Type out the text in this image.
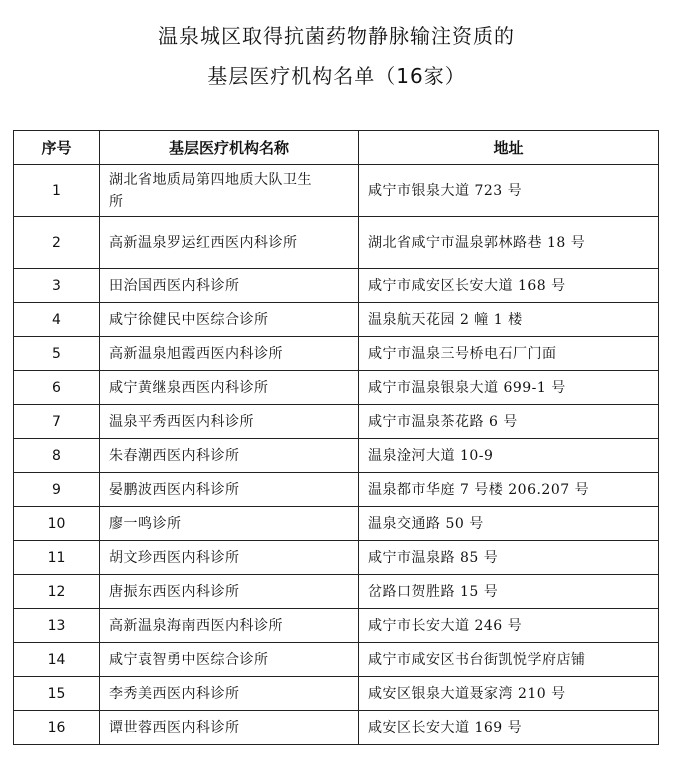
温泉城区取得抗菌药物静脉输注资质的
基层医疗机构名单（16家）
序号	基层医疗机构名称	地址
1	湖北省地质局第四地质大队卫生所	咸宁市银泉大道 723 号
2	高新温泉罗运红西医内科诊所	湖北省咸宁市温泉郭林路巷 18 号
3	田治国西医内科诊所	咸宁市咸安区长安大道 168 号
4	咸宁徐健民中医综合诊所	温泉航天花园 2 幢 1 楼
5	高新温泉旭霞西医内科诊所	咸宁市温泉三号桥电石厂门面
6	咸宁黄继泉西医内科诊所	咸宁市温泉银泉大道 699-1 号
7	温泉平秀西医内科诊所	咸宁市温泉茶花路 6 号
8	朱春潮西医内科诊所	温泉淦河大道 10-9
9	晏鹏波西医内科诊所	温泉都市华庭 7 号楼 206.207 号
10	廖一鸣诊所	温泉交通路 50 号
11	胡文珍西医内科诊所	咸宁市温泉路 85 号
12	唐振东西医内科诊所	岔路口贺胜路 15 号
13	高新温泉海南西医内科诊所	咸宁市长安大道 246 号
14	咸宁袁智勇中医综合诊所	咸宁市咸安区书台街凯悦学府店铺
15	李秀美西医内科诊所	咸安区银泉大道聂家湾 210 号
16	谭世蓉西医内科诊所	咸安区长安大道 169 号
